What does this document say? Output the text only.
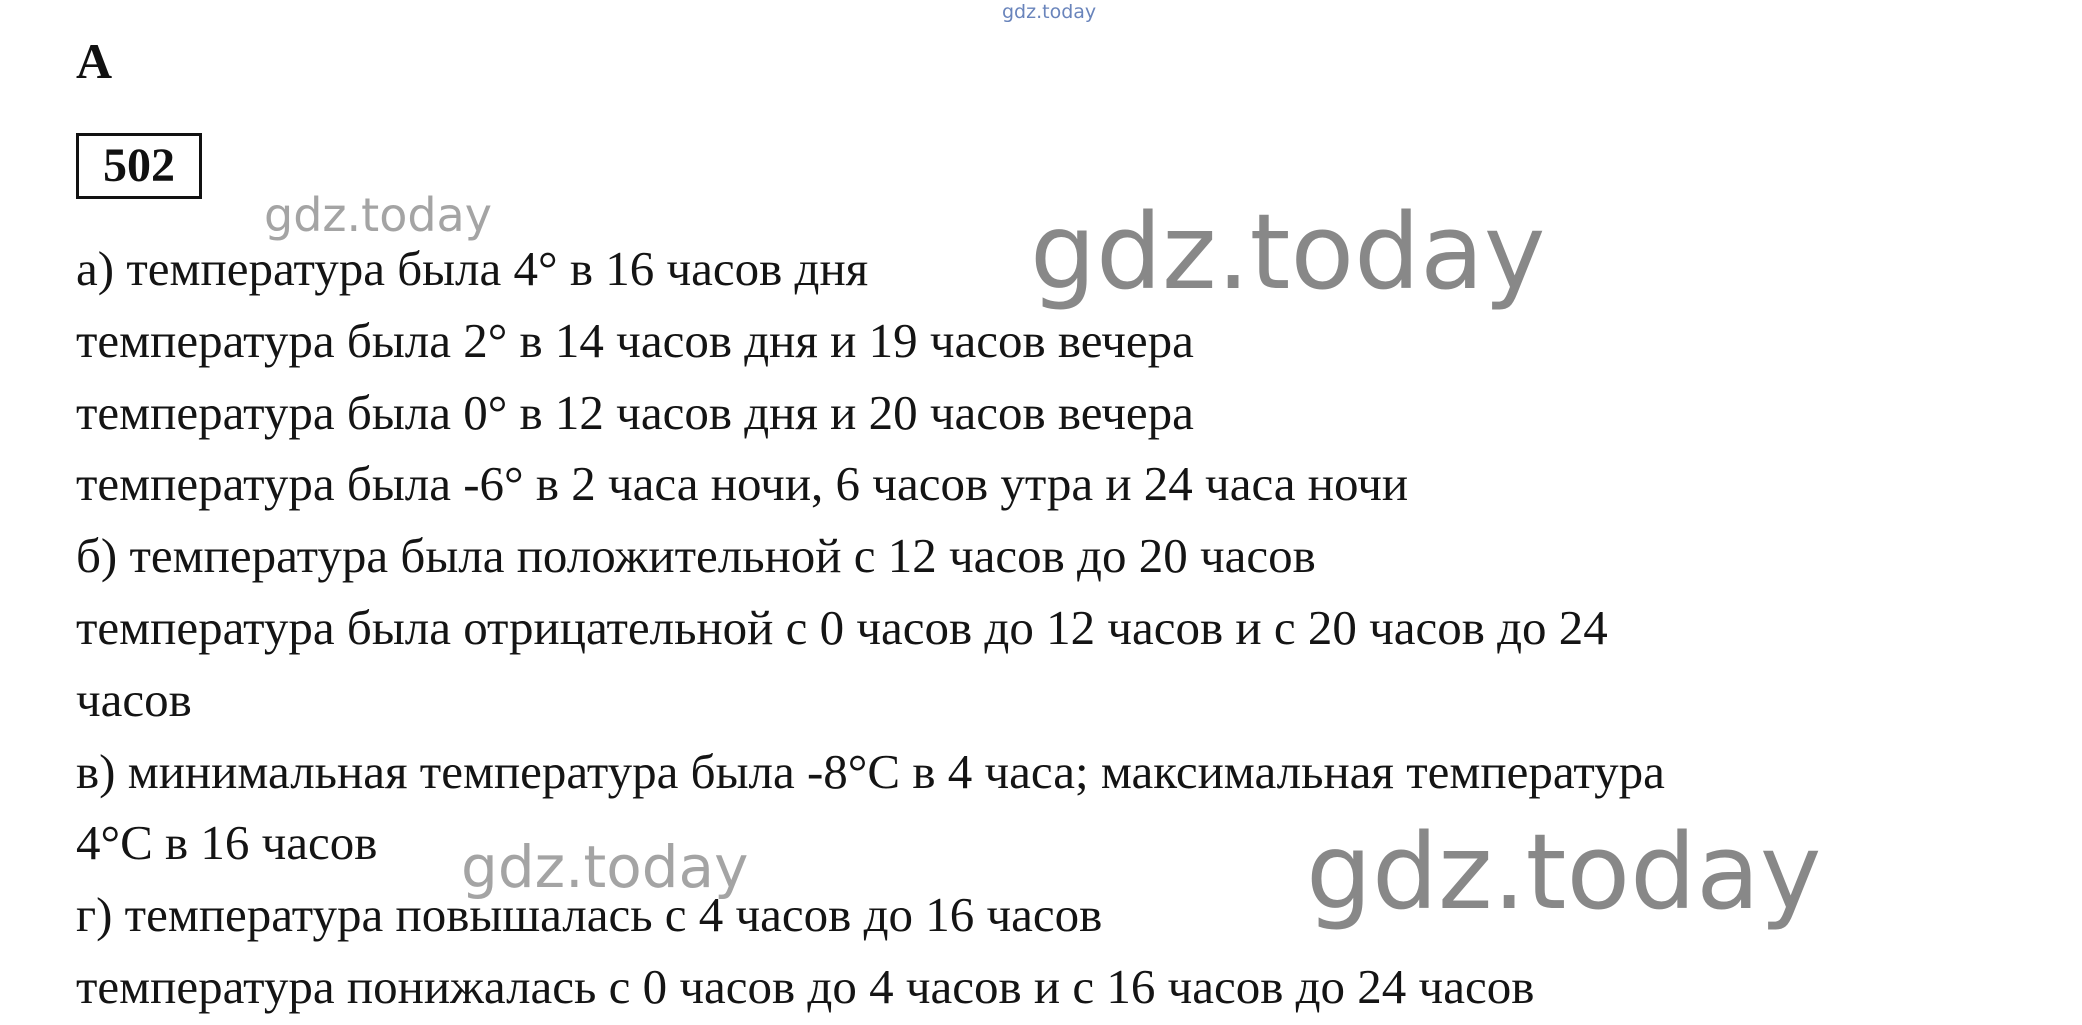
gdz.today
A
502
а) температура была 4° в 16 часов дня
температура была 2° в 14 часов дня и 19 часов вечера
температура была 0° в 12 часов дня и 20 часов вечера
температура была -6° в 2 часа ночи, 6 часов утра и 24 часа ночи
б) температура была положительной с 12 часов до 20 часов
температура была отрицательной с 0 часов до 12 часов и с 20 часов до 24
часов
в) минимальная температура была -8°С в 4 часа; максимальная температура
4°С в 16 часов
г) температура повышалась с 4 часов до 16 часов
температура понижалась с 0 часов до 4 часов и с 16 часов до 24 часов
gdz.today	gdz.today
gdz.today	gdz.today
